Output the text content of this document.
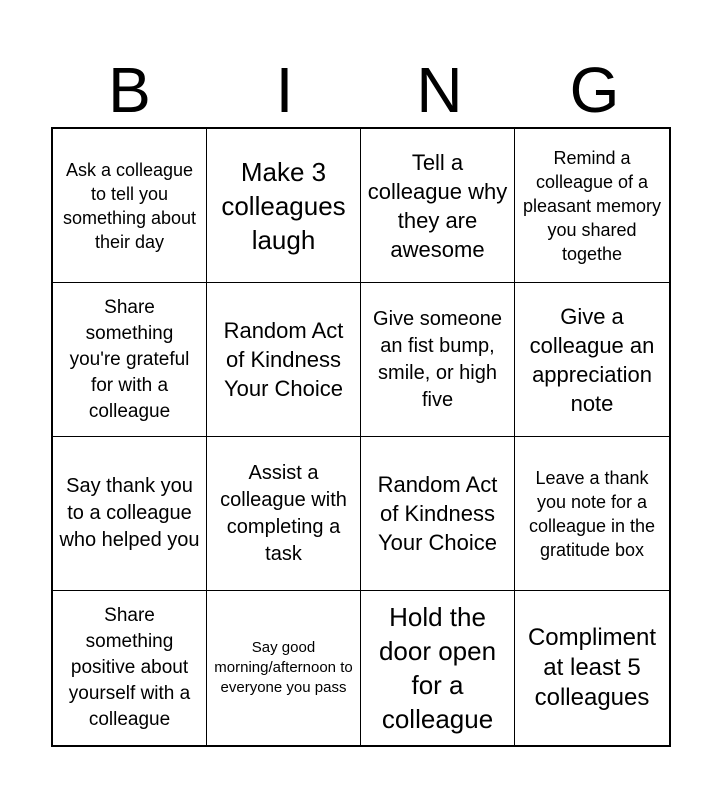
B	I	N	G
Ask a colleague to tell you something about their day
Make 3 colleagues laugh
Tell a colleague why they are awesome
Remind a colleague of a pleasant memory you shared togethe
Share something you're grateful for with a colleague
Random Act of Kindness Your Choice
Give someone an fist bump, smile, or high five
Give a colleague an appreciation note
Say thank you to a colleague who helped you
Assist a colleague with completing a task
Random Act of Kindness Your Choice
Leave a thank you note for a colleague in the gratitude box
Share something positive about yourself with a colleague
Say good morning/afternoon to everyone you pass
Hold the door open for a colleague
Compliment at least 5 colleagues
